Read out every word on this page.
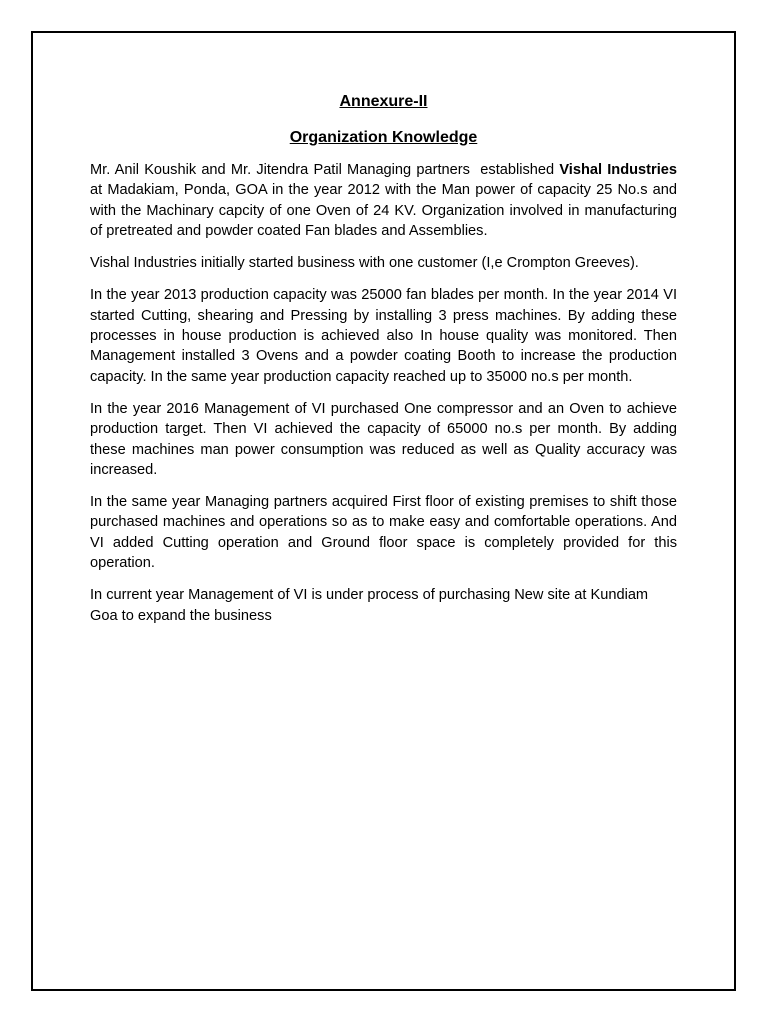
Annexure-II

Organization Knowledge

Mr. Anil Koushik and Mr. Jitendra Patil Managing partners  established Vishal Industries at Madakiam, Ponda, GOA in the year 2012 with the Man power of capacity 25 No.s and with the Machinary capcity of one Oven of 24 KV. Organization involved in manufacturing of pretreated and powder coated Fan blades and Assemblies.

Vishal Industries initially started business with one customer (I,e Crompton Greeves).

In the year 2013 production capacity was 25000 fan blades per month. In the year 2014 VI started Cutting, shearing and Pressing by installing 3 press machines. By adding these processes in house production is achieved also In house quality was monitored. Then Management installed 3 Ovens and a powder coating Booth to increase the production capacity. In the same year production capacity reached up to 35000 no.s per month.

In the year 2016 Management of VI purchased One compressor and an Oven to achieve production target. Then VI achieved the capacity of 65000 no.s per month. By adding these machines man power consumption was reduced as well as Quality accuracy was increased.

In the same year Managing partners acquired First floor of existing premises to shift those purchased machines and operations so as to make easy and comfortable operations. And VI added Cutting operation and Ground floor space is completely provided for this operation.

In current year Management of VI is under process of purchasing New site at Kundiam Goa to expand the business
